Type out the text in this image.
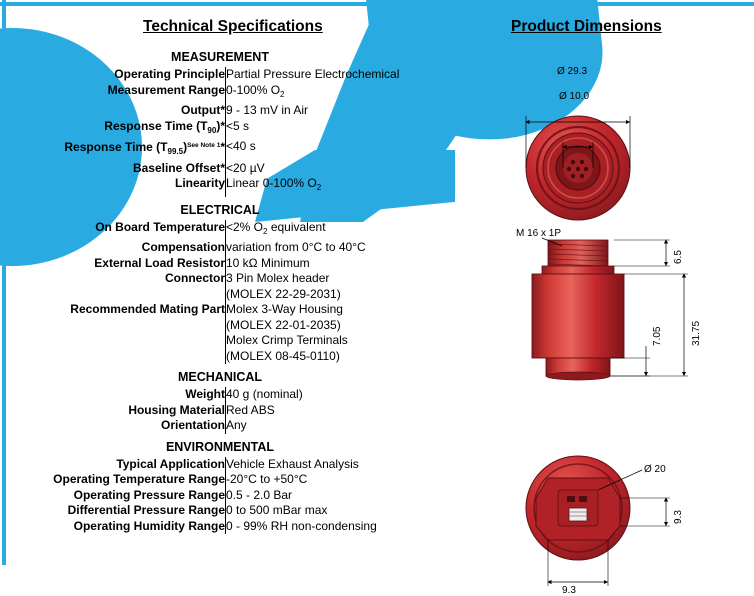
Technical Specifications	Product Dimensions
MEASUREMENT
Operating Principle	Partial Pressure Electrochemical
Measurement Range	0-100% $O_2$
Output*	9 - 13 mV in Air
Response Time $(T_{90})*$	<5 s
Response Time $(T_{99.5})^{See Note 1}*$	<40 s
Baseline Offset*	<20 µV
Linearity	Linear 0-100% $O_2$
ELECTRICAL
On Board Temperature	<2% $O_2$ equivalent
Compensation	variation from 0°C to 40°C
External Load Resistor	10 kΩ Minimum
Connector	3 Pin Molex header
	(MOLEX 22-29-2031)
Recommended Mating Part	Molex 3-Way Housing
	(MOLEX 22-01-2035)
	Molex Crimp Terminals
	(MOLEX 08-45-0110)
MECHANICAL
Weight	40 g (nominal)
Housing Material	Red ABS
Orientation	Any
ENVIRONMENTAL
Typical Application	Vehicle Exhaust Analysis
Operating Temperature Range	-20°C to +50°C
Operating Pressure Range	0.5 - 2.0 Bar
Differential Pressure Range	0 to 500 mBar max
Operating Humidity Range	0 - 99% RH non-condensing
Ø 29.3
Ø 10.0
M 16 x 1P
6.5
31.75
7.05
Ø 20
9.3
9.3
